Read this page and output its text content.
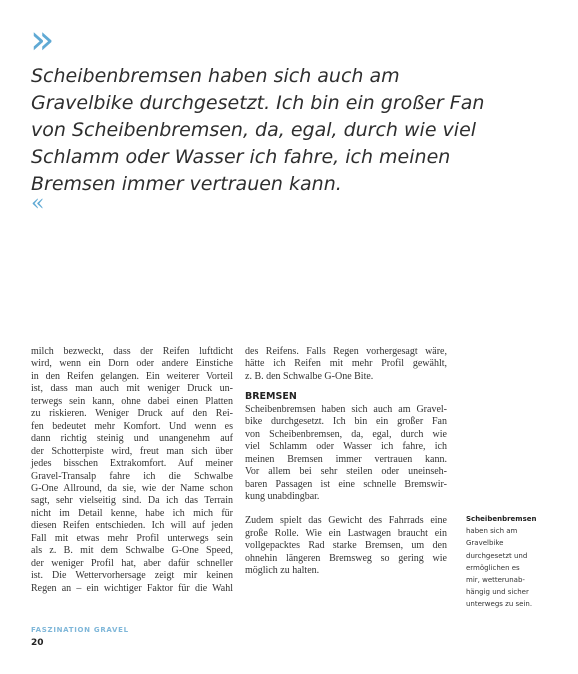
»
Scheibenbremsen haben sich auch am
Gravelbike durchgesetzt. Ich bin ein großer Fan
von Scheibenbremsen, da, egal, durch wie viel
Schlamm oder Wasser ich fahre, ich meinen
Bremsen immer vertrauen kann.
«
milch bezweckt, dass der Reifen luftdicht
wird, wenn ein Dorn oder andere Einstiche
in den Reifen gelangen. Ein weiterer Vorteil
ist, dass man auch mit weniger Druck un-
terwegs sein kann, ohne dabei einen Platten
zu riskieren. Weniger Druck auf den Rei-
fen bedeutet mehr Komfort. Und wenn es
dann richtig steinig und unangenehm auf
der Schotterpiste wird, freut man sich über
jedes bisschen Extrakomfort. Auf meiner
Gravel-Transalp fahre ich die Schwalbe
G-One Allround, da sie, wie der Name schon
sagt, sehr vielseitig sind. Da ich das Terrain
nicht im Detail kenne, habe ich mich für
diesen Reifen entschieden. Ich will auf jeden
Fall mit etwas mehr Profil unterwegs sein
als z. B. mit dem Schwalbe G-One Speed,
der weniger Profil hat, aber dafür schneller
ist. Die Wettervorhersage zeigt mir keinen
Regen an – ein wichtiger Faktor für die Wahl
des Reifens. Falls Regen vorhergesagt wäre,
hätte ich Reifen mit mehr Profil gewählt,
z. B. den Schwalbe G-One Bite.
BREMSEN
Scheibenbremsen haben sich auch am Gravel-
bike durchgesetzt. Ich bin ein großer Fan
von Scheibenbremsen, da, egal, durch wie
viel Schlamm oder Wasser ich fahre, ich
meinen Bremsen immer vertrauen kann.
Vor allem bei sehr steilen oder uneinseh-
baren Passagen ist eine schnelle Bremswir-
kung unabdingbar.
Zudem spielt das Gewicht des Fahrrads eine
große Rolle. Wie ein Lastwagen braucht ein
vollgepacktes Rad starke Bremsen, um den
ohnehin längeren Bremsweg so gering wie
möglich zu halten.
Scheibenbremsen
haben sich am
Gravelbike
durchgesetzt und
ermöglichen es
mir, wetterunab-
hängig und sicher
unterwegs zu sein.
FASZINATION GRAVEL
20
